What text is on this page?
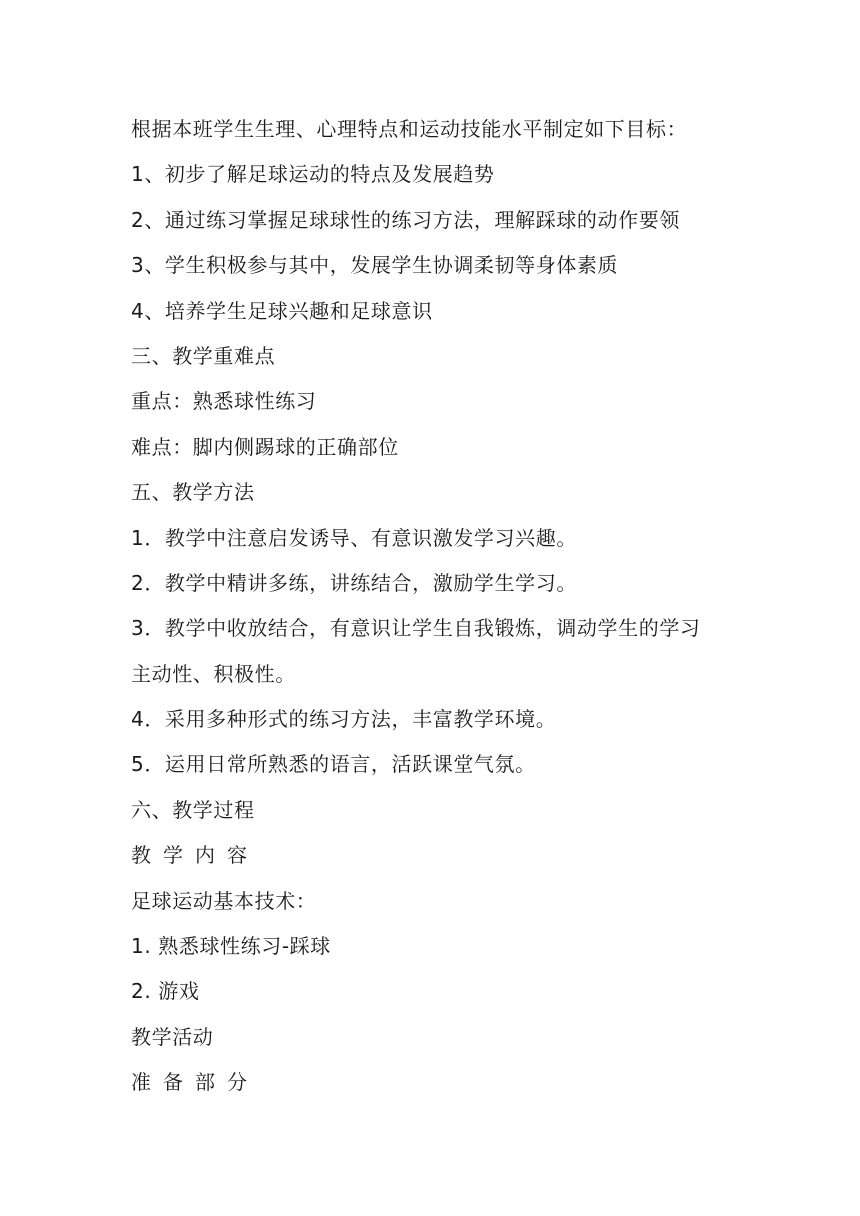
根据本班学生生理、心理特点和运动技能水平制定如下目标：
1、初步了解足球运动的特点及发展趋势
2、通过练习掌握足球球性的练习方法，理解踩球的动作要领
3、学生积极参与其中，发展学生协调柔韧等身体素质
4、培养学生足球兴趣和足球意识
三、教学重难点
重点：熟悉球性练习
难点：脚内侧踢球的正确部位
五、教学方法
1．教学中注意启发诱导、有意识激发学习兴趣。
2．教学中精讲多练，讲练结合，激励学生学习。
3．教学中收放结合，有意识让学生自我锻炼，调动学生的学习
主动性、积极性。
4．采用多种形式的练习方法，丰富教学环境。
5．运用日常所熟悉的语言，活跃课堂气氛。
六、教学过程
教学内容
足球运动基本技术：
1. 熟悉球性练习-踩球
2. 游戏
教学活动
准备部分
